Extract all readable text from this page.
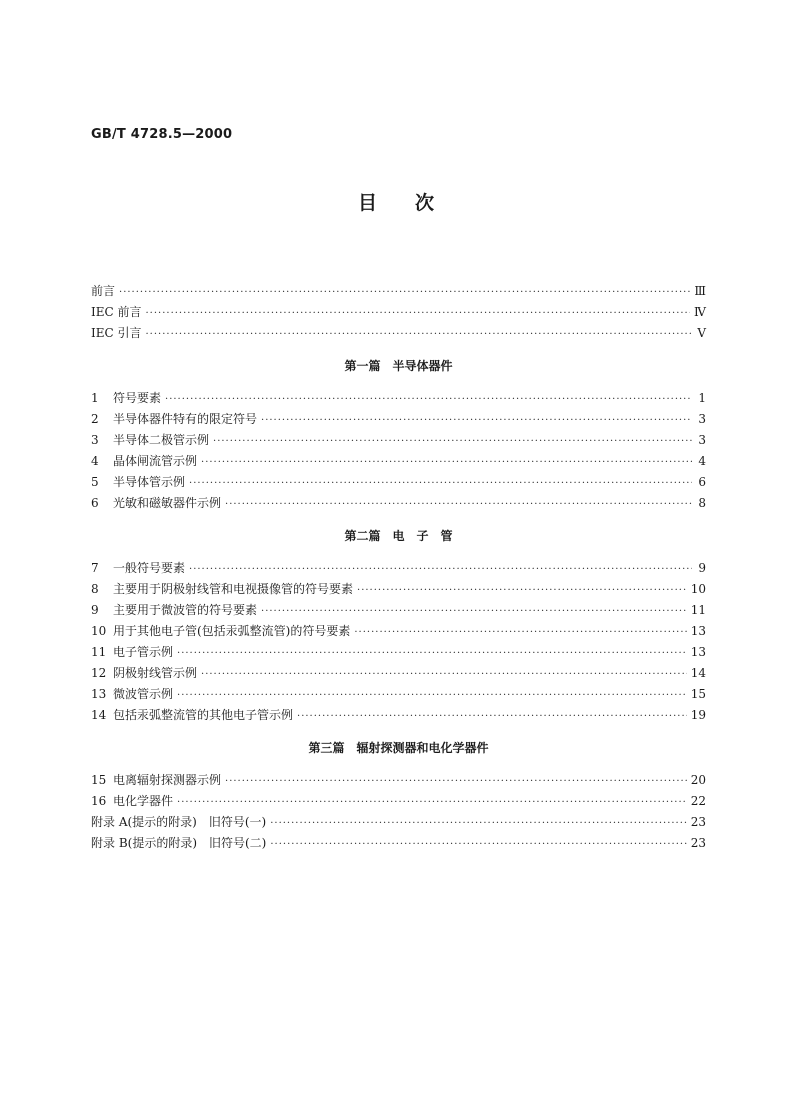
GB/T 4728.5—2000
目　　次
前言 ·····	Ⅲ
IEC 前言 ·····	Ⅳ
IEC 引言 ·····	Ⅴ
第一篇　半导体器件
1	符号要素 ·····	1
2	半导体器件特有的限定符号 ·····	3
3	半导体二极管示例 ·····	3
4	晶体闸流管示例 ·····	4
5	半导体管示例 ·····	6
6	光敏和磁敏器件示例 ·····	8
第二篇　电　子　管
7	一般符号要素 ·····	9
8	主要用于阴极射线管和电视摄像管的符号要素 ·····	10
9	主要用于微波管的符号要素 ·····	11
10 用于其他电子管(包括汞弧整流管)的符号要素 ·····	13
11 电子管示例 ·····	13
12 阴极射线管示例 ·····	14
13 微波管示例 ·····	15
14 包括汞弧整流管的其他电子管示例 ·····	19
第三篇　辐射探测器和电化学器件
15 电离辐射探测器示例 ·····	20
16 电化学器件 ·····	22
附录 A(提示的附录)　旧符号(一) ·····	23
附录 B(提示的附录)　旧符号(二) ·····	23
